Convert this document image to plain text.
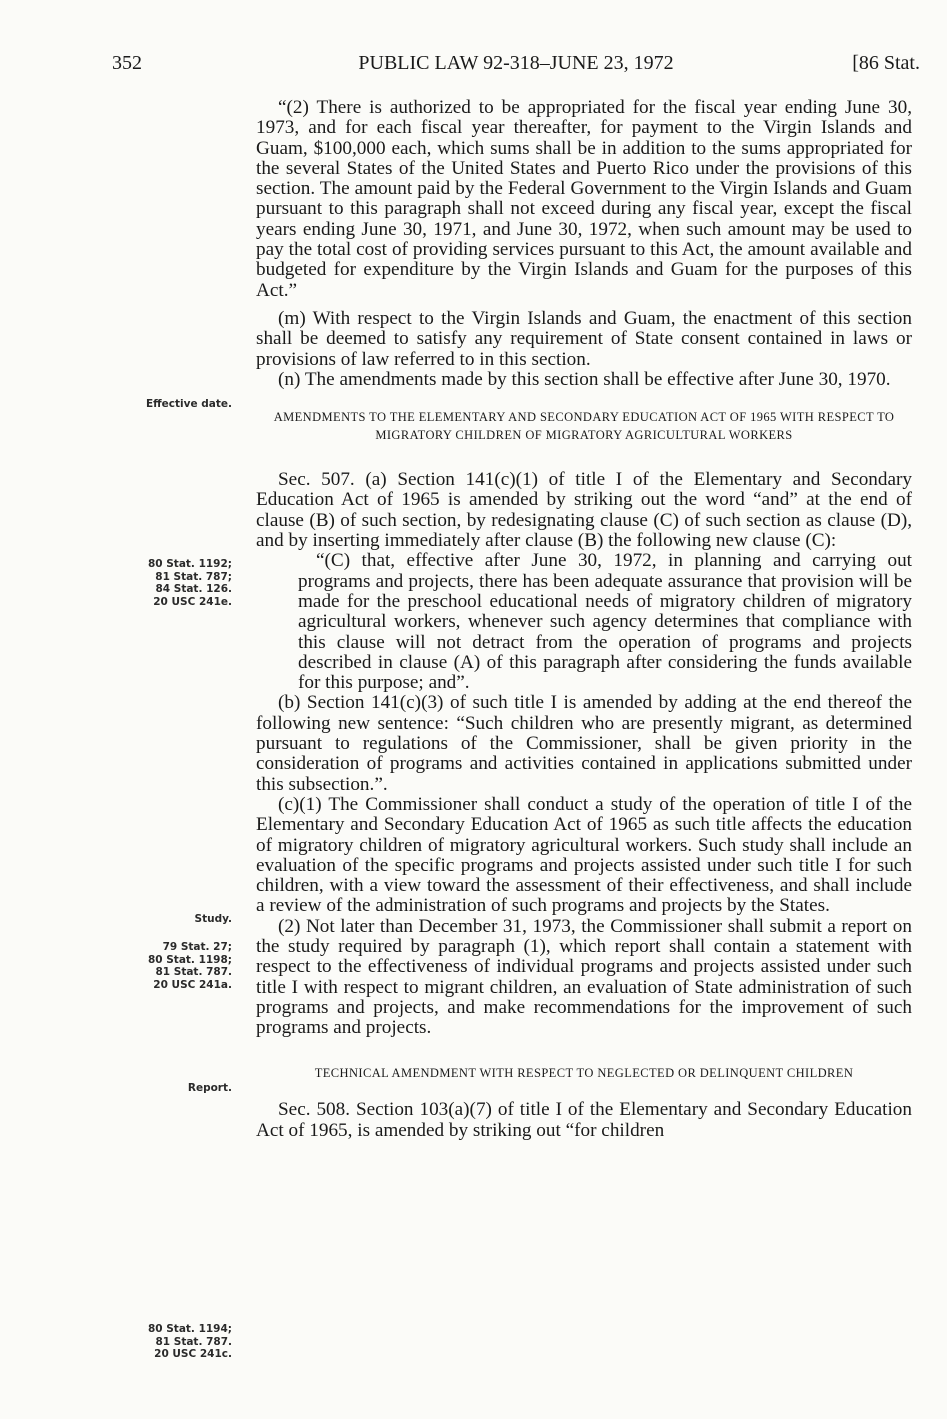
352	PUBLIC LAW 92-318–JUNE 23, 1972	[86 Stat.
Effective date.
80 Stat. 1192;
81 Stat. 787;
84 Stat. 126.
20 USC 241e.
Study.
79 Stat. 27;
80 Stat. 1198;
81 Stat. 787.
20 USC 241a.
Report.
80 Stat. 1194;
81 Stat. 787.
20 USC 241c.

“(2) There is authorized to be appropriated for the fiscal year ending June 30, 1973, and for each fiscal year thereafter, for payment to the Virgin Islands and Guam, $100,000 each, which sums shall be in addition to the sums appropriated for the several States of the United States and Puerto Rico under the provisions of this section. The amount paid by the Federal Government to the Virgin Islands and Guam pursuant to this paragraph shall not exceed during any fiscal year, except the fiscal years ending June 30, 1971, and June 30, 1972, when such amount may be used to pay the total cost of providing services pursuant to this Act, the amount available and budgeted for expenditure by the Virgin Islands and Guam for the purposes of this Act.”

(m) With respect to the Virgin Islands and Guam, the enactment of this section shall be deemed to satisfy any requirement of State consent contained in laws or provisions of law referred to in this section.

(n) The amendments made by this section shall be effective after June 30, 1970.

AMENDMENTS TO THE ELEMENTARY AND SECONDARY EDUCATION ACT OF 1965 WITH RESPECT TO MIGRATORY CHILDREN OF MIGRATORY AGRICULTURAL WORKERS

Sec. 507. (a) Section 141(c)(1) of title I of the Elementary and Secondary Education Act of 1965 is amended by striking out the word “and” at the end of clause (B) of such section, by redesignating clause (C) of such section as clause (D), and by inserting immediately after clause (B) the following new clause (C):

“(C) that, effective after June 30, 1972, in planning and carrying out programs and projects, there has been adequate assurance that provision will be made for the preschool educational needs of migratory children of migratory agricultural workers, whenever such agency determines that compliance with this clause will not detract from the operation of programs and projects described in clause (A) of this paragraph after considering the funds available for this purpose; and”.

(b) Section 141(c)(3) of such title I is amended by adding at the end thereof the following new sentence: “Such children who are presently migrant, as determined pursuant to regulations of the Commissioner, shall be given priority in the consideration of programs and activities contained in applications submitted under this subsection.”.

(c)(1) The Commissioner shall conduct a study of the operation of title I of the Elementary and Secondary Education Act of 1965 as such title affects the education of migratory children of migratory agricultural workers. Such study shall include an evaluation of the specific programs and projects assisted under such title I for such children, with a view toward the assessment of their effectiveness, and shall include a review of the administration of such programs and projects by the States.

(2) Not later than December 31, 1973, the Commissioner shall submit a report on the study required by paragraph (1), which report shall contain a statement with respect to the effectiveness of individual programs and projects assisted under such title I with respect to migrant children, an evaluation of State administration of such programs and projects, and make recommendations for the improvement of such programs and projects.

TECHNICAL AMENDMENT WITH RESPECT TO NEGLECTED OR DELINQUENT CHILDREN

Sec. 508. Section 103(a)(7) of title I of the Elementary and Secondary Education Act of 1965, is amended by striking out “for children
